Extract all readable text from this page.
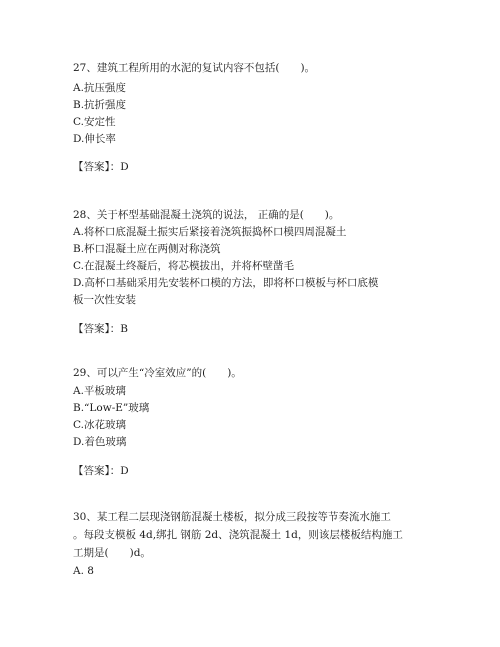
27、建筑工程所用的水泥的复试内容不包括(　　)。
A.抗压强度
B.抗折强度
C.安定性
D.伸长率
【答案】：D
28、关于杯型基础混凝土浇筑的说法， 正确的是(　　)。
A.将杯口底混凝土振实后紧接着浇筑振捣杯口模四周混凝土
B.杯口混凝土应在两侧对称浇筑
C.在混凝土终凝后，将芯模拔出，并将杯壁凿毛
D.高杯口基础采用先安装杯口模的方法，即将杯口模板与杯口底模
板一次性安装
【答案】：B
29、可以产生“冷室效应”的(　　)。
A.平板玻璃
B.“Low-E”玻璃
C.冰花玻璃
D.着色玻璃
【答案】：D
30、某工程二层现浇钢筋混凝土楼板，拟分成三段按等节奏流水施工
。每段支模板 4d,绑扎 钢筋 2d、浇筑混凝土 1d，则该层楼板结构施工
工期是(　　)d。
A. 8
